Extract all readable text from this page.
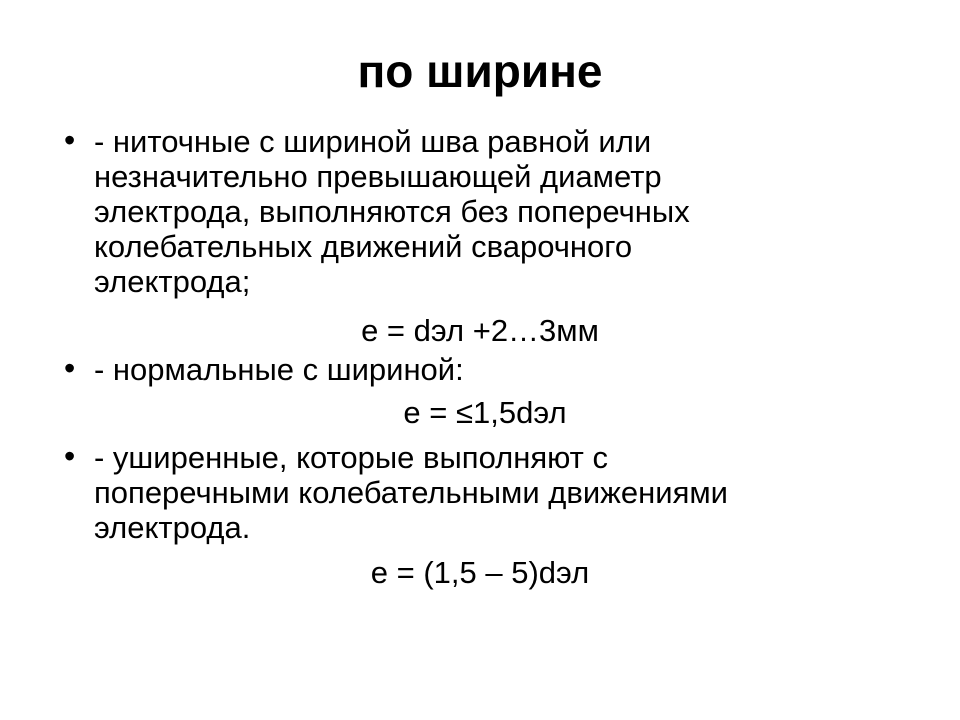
по ширине
• - ниточные с шириной шва равной или
незначительно превышающей диаметр
электрода, выполняются без поперечных
колебательных движений сварочного
электрода;
е = dэл +2…3мм
• - нормальные с шириной:
е = ≤1,5dэл
• - уширенные, которые выполняют с
поперечными колебательными движениями
электрода.
е = (1,5 – 5)dэл
